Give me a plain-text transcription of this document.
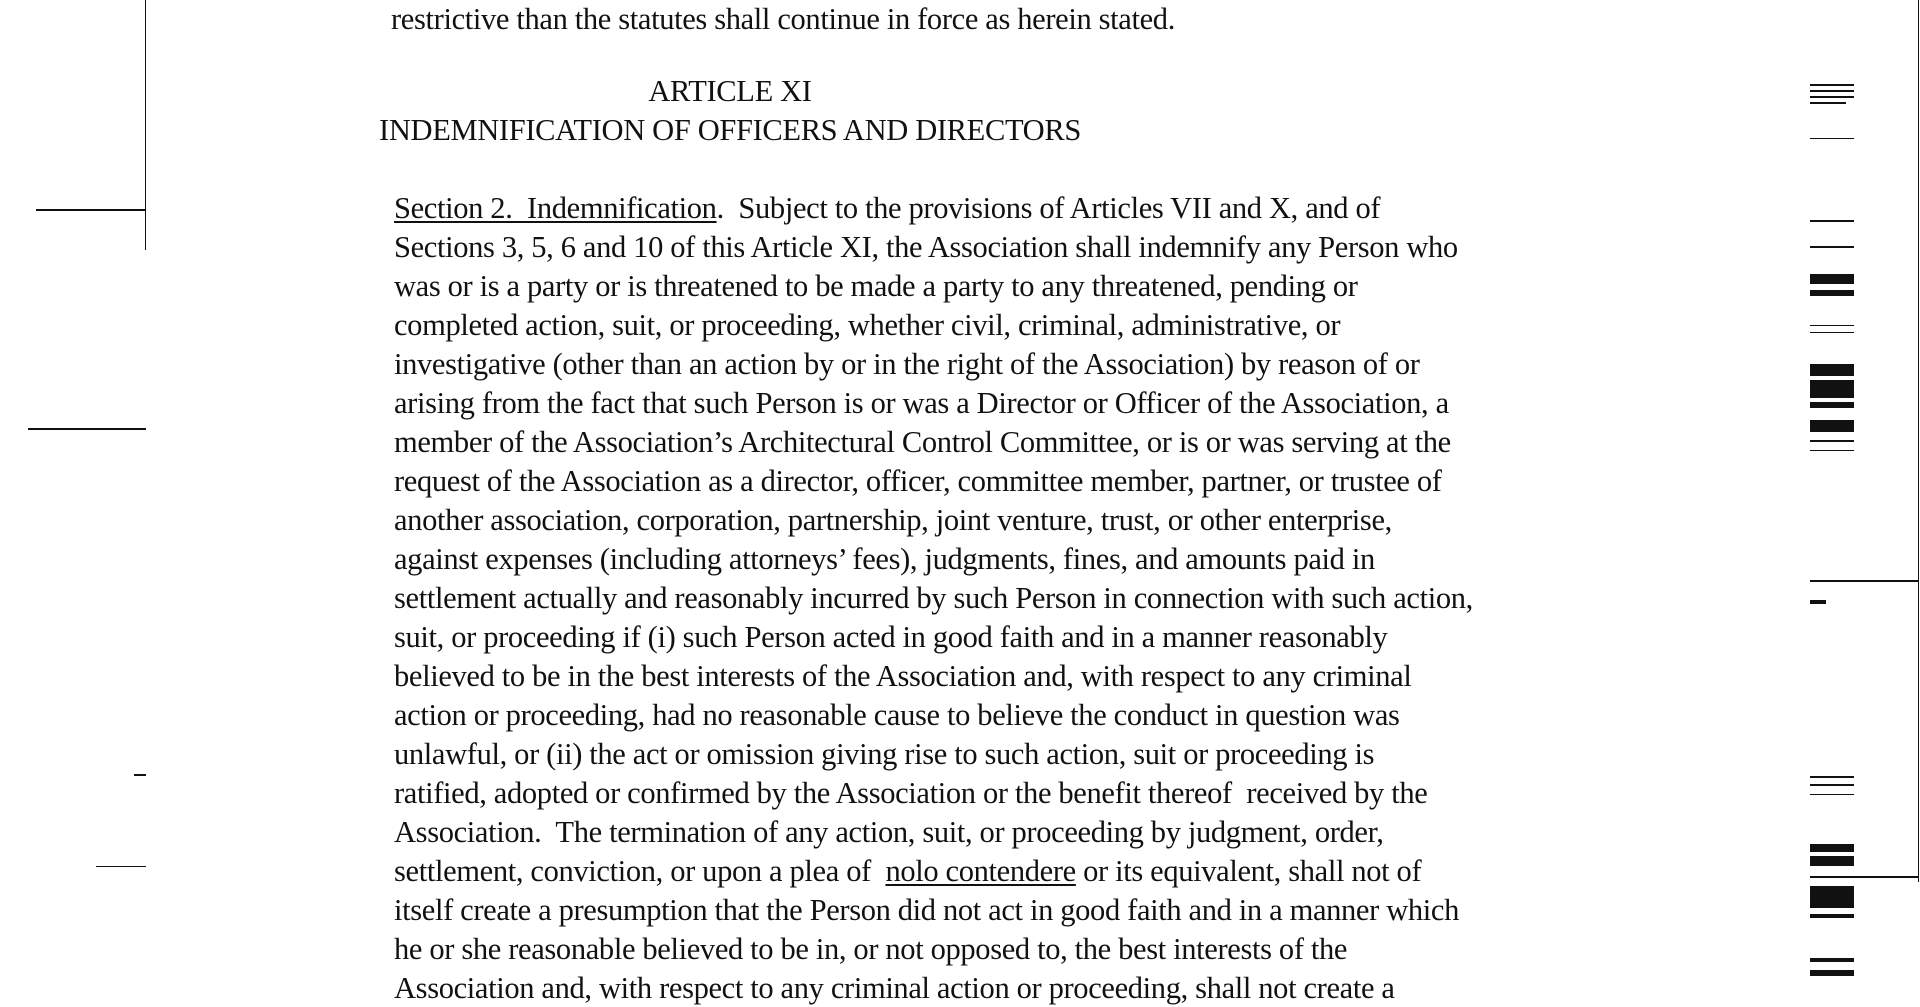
restrictive than the statutes shall continue in force as herein stated.
ARTICLE XI
INDEMNIFICATION OF OFFICERS AND DIRECTORS
Section 2.  Indemnification.  Subject to the provisions of Articles VII and X, and of
Sections 3, 5, 6 and 10 of this Article XI, the Association shall indemnify any Person who
was or is a party or is threatened to be made a party to any threatened, pending or
completed action, suit, or proceeding, whether civil, criminal, administrative, or
investigative (other than an action by or in the right of the Association) by reason of or
arising from the fact that such Person is or was a Director or Officer of the Association, a
member of the Association’s Architectural Control Committee, or is or was serving at the
request of the Association as a director, officer, committee member, partner, or trustee of
another association, corporation, partnership, joint venture, trust, or other enterprise,
against expenses (including attorneys’ fees), judgments, fines, and amounts paid in
settlement actually and reasonably incurred by such Person in connection with such action,
suit, or proceeding if (i) such Person acted in good faith and in a manner reasonably
believed to be in the best interests of the Association and, with respect to any criminal
action or proceeding, had no reasonable cause to believe the conduct in question was
unlawful, or (ii) the act or omission giving rise to such action, suit or proceeding is
ratified, adopted or confirmed by the Association or the benefit thereof  received by the
Association.  The termination of any action, suit, or proceeding by judgment, order,
settlement, conviction, or upon a plea of  nolo contendere or its equivalent, shall not of
itself create a presumption that the Person did not act in good faith and in a manner which
he or she reasonable believed to be in, or not opposed to, the best interests of the
Association and, with respect to any criminal action or proceeding, shall not create a
